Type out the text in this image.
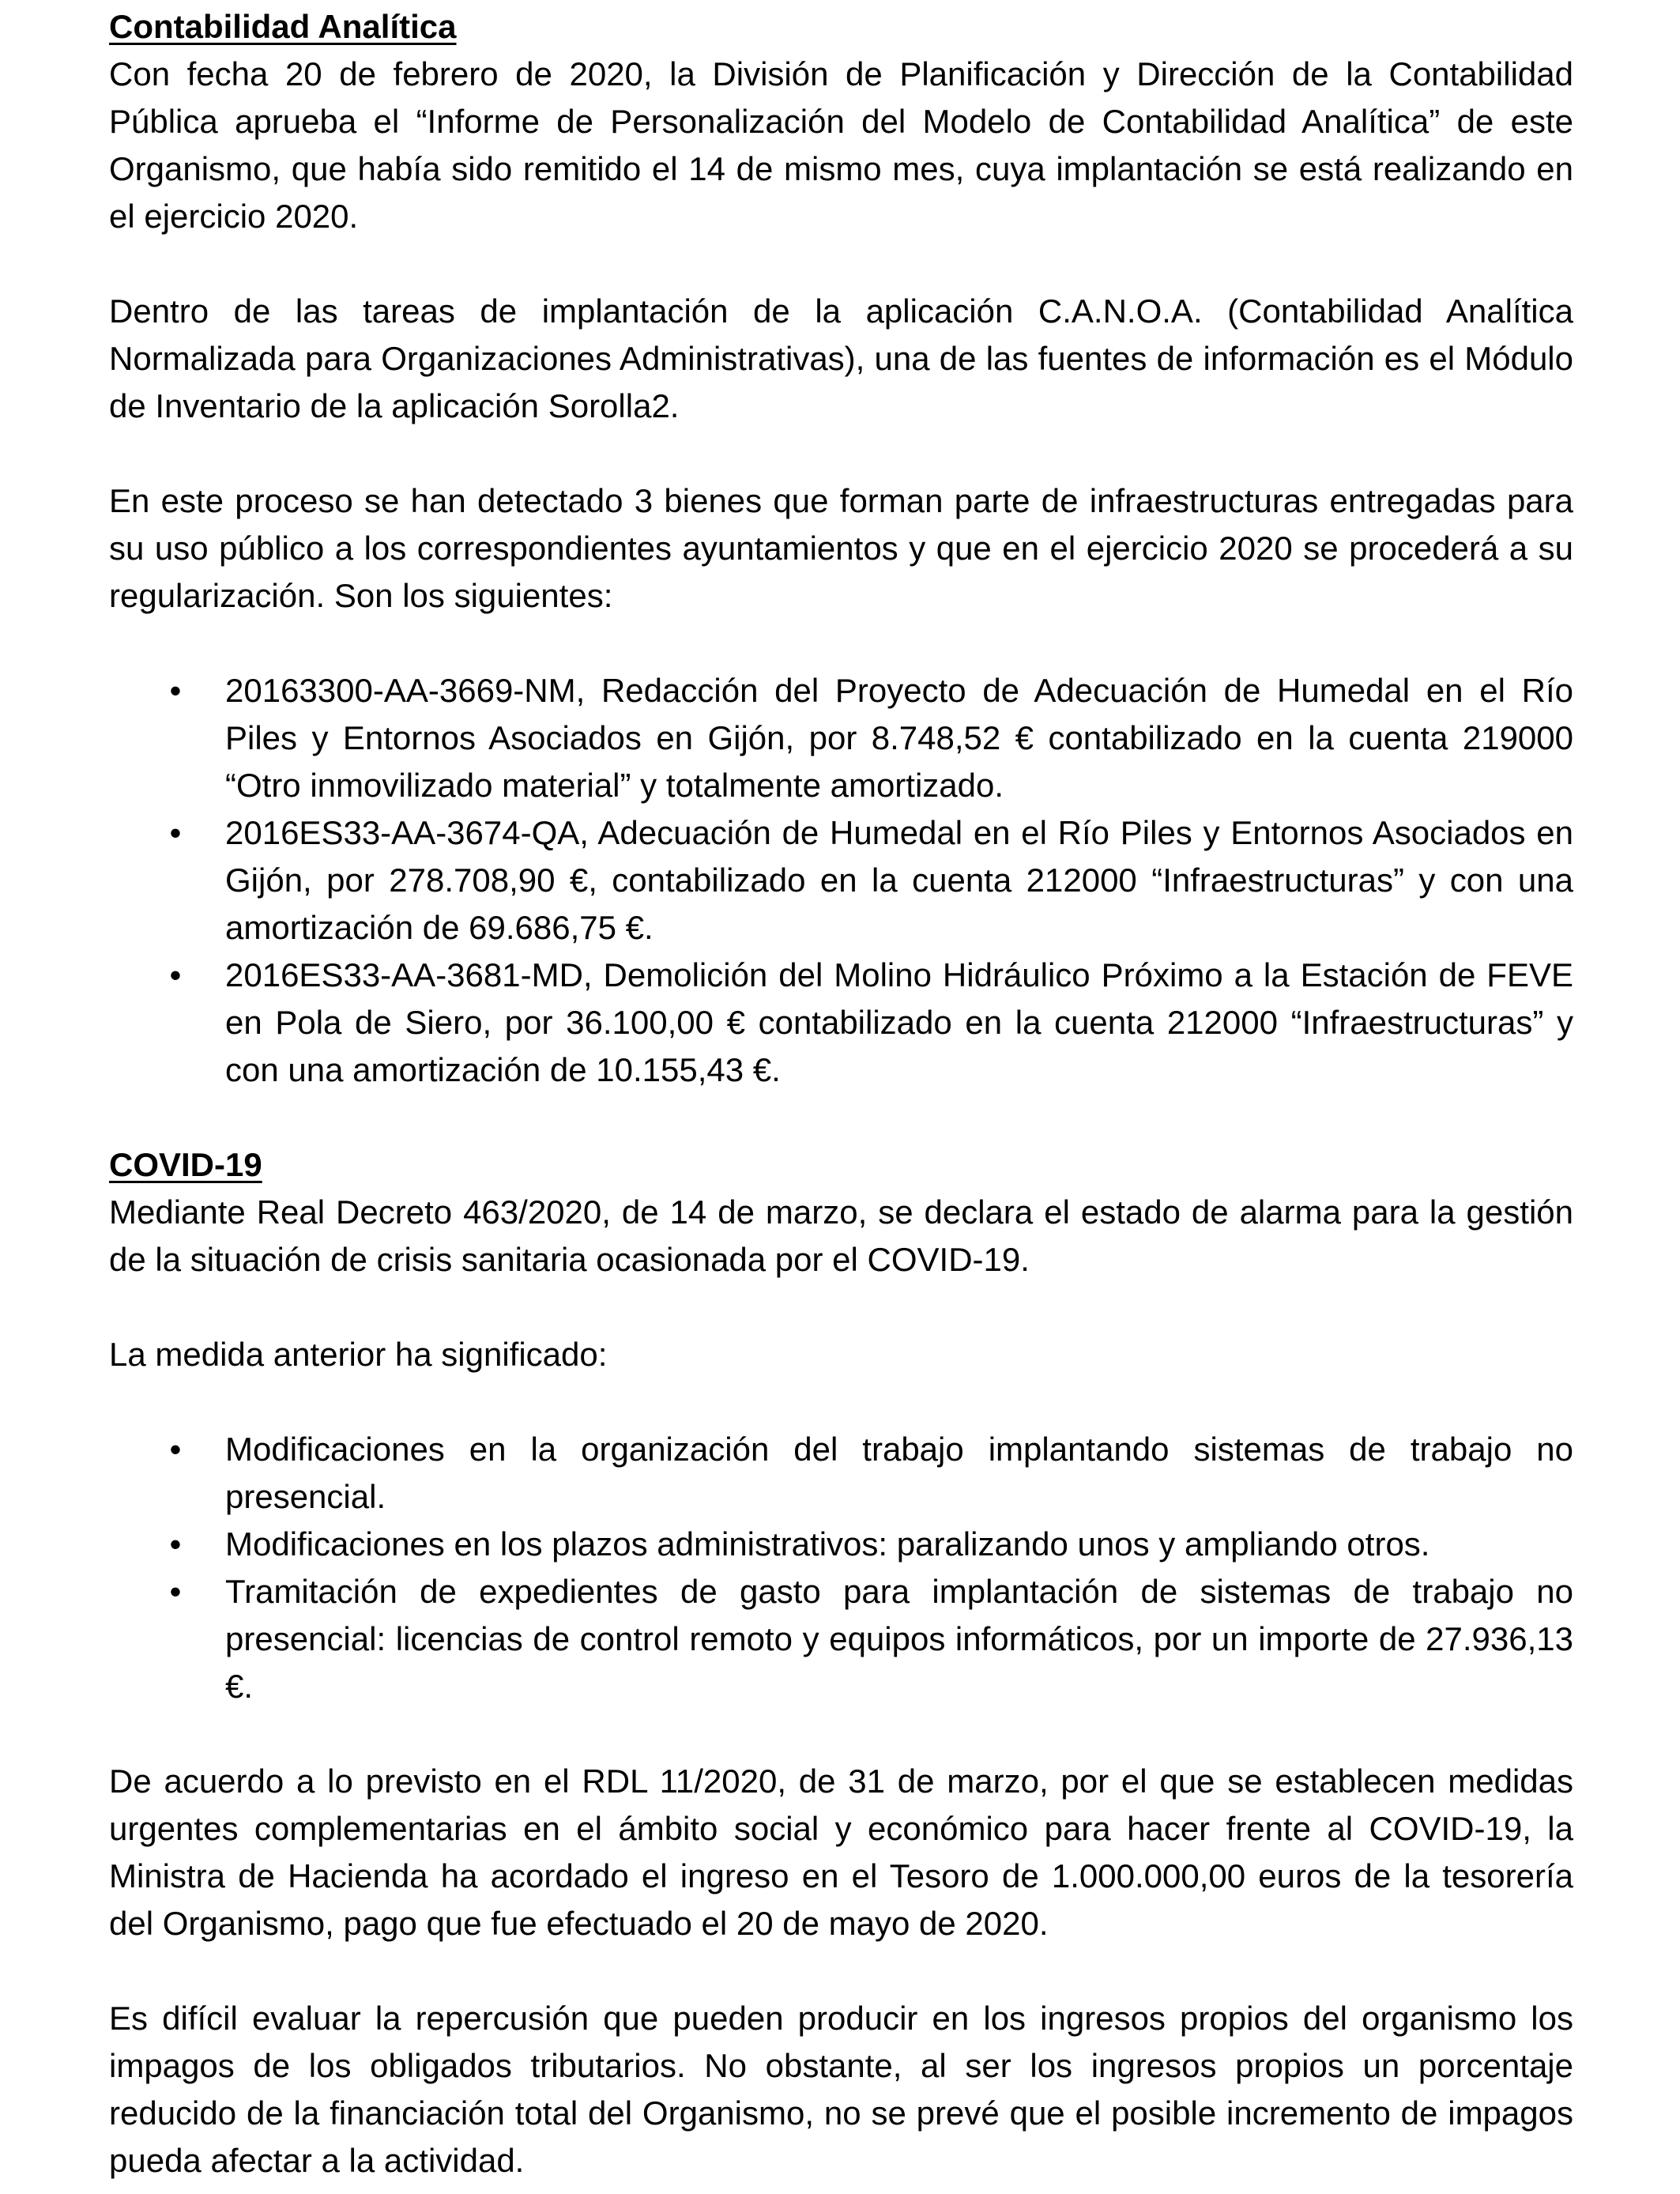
Contabilidad Analítica

Con fecha 20 de febrero de 2020, la División de Planificación y Dirección de la Contabilidad Pública aprueba el “Informe de Personalización del Modelo de Contabilidad Analítica” de este Organismo, que había sido remitido el 14 de mismo mes, cuya implantación se está realizando en el ejercicio 2020.

Dentro de las tareas de implantación de la aplicación C.A.N.O.A. (Contabilidad Analítica Normalizada para Organizaciones Administrativas), una de las fuentes de información es el Módulo de Inventario de la aplicación Sorolla2.

En este proceso se han detectado 3 bienes que forman parte de infraestructuras entregadas para su uso público a los correspondientes ayuntamientos y que en el ejercicio 2020 se procederá a su regularización. Son los siguientes:

• 20163300-AA-3669-NM, Redacción del Proyecto de Adecuación de Humedal en el Río Piles y Entornos Asociados en Gijón, por 8.748,52 € contabilizado en la cuenta 219000 “Otro inmovilizado material” y totalmente amortizado.
• 2016ES33-AA-3674-QA, Adecuación de Humedal en el Río Piles y Entornos Asociados en Gijón, por 278.708,90 €, contabilizado en la cuenta 212000 “Infraestructuras” y con una amortización de 69.686,75 €.
• 2016ES33-AA-3681-MD, Demolición del Molino Hidráulico Próximo a la Estación de FEVE en Pola de Siero, por 36.100,00 € contabilizado en la cuenta 212000 “Infraestructuras” y con una amortización de 10.155,43 €.
COVID-19

Mediante Real Decreto 463/2020, de 14 de marzo, se declara el estado de alarma para la gestión de la situación de crisis sanitaria ocasionada por el COVID-19.

La medida anterior ha significado:

• Modificaciones en la organización del trabajo implantando sistemas de trabajo no presencial.
• Modificaciones en los plazos administrativos: paralizando unos y ampliando otros.
• Tramitación de expedientes de gasto para implantación de sistemas de trabajo no presencial: licencias de control remoto y equipos informáticos, por un importe de 27.936,13 €.

De acuerdo a lo previsto en el RDL 11/2020, de 31 de marzo, por el que se establecen medidas urgentes complementarias en el ámbito social y económico para hacer frente al COVID-19, la Ministra de Hacienda ha acordado el ingreso en el Tesoro de 1.000.000,00 euros de la tesorería del Organismo, pago que fue efectuado el 20 de mayo de 2020.

Es difícil evaluar la repercusión que pueden producir en los ingresos propios del organismo los impagos de los obligados tributarios. No obstante, al ser los ingresos propios un porcentaje reducido de la financiación total del Organismo, no se prevé que el posible incremento de impagos pueda afectar a la actividad.
